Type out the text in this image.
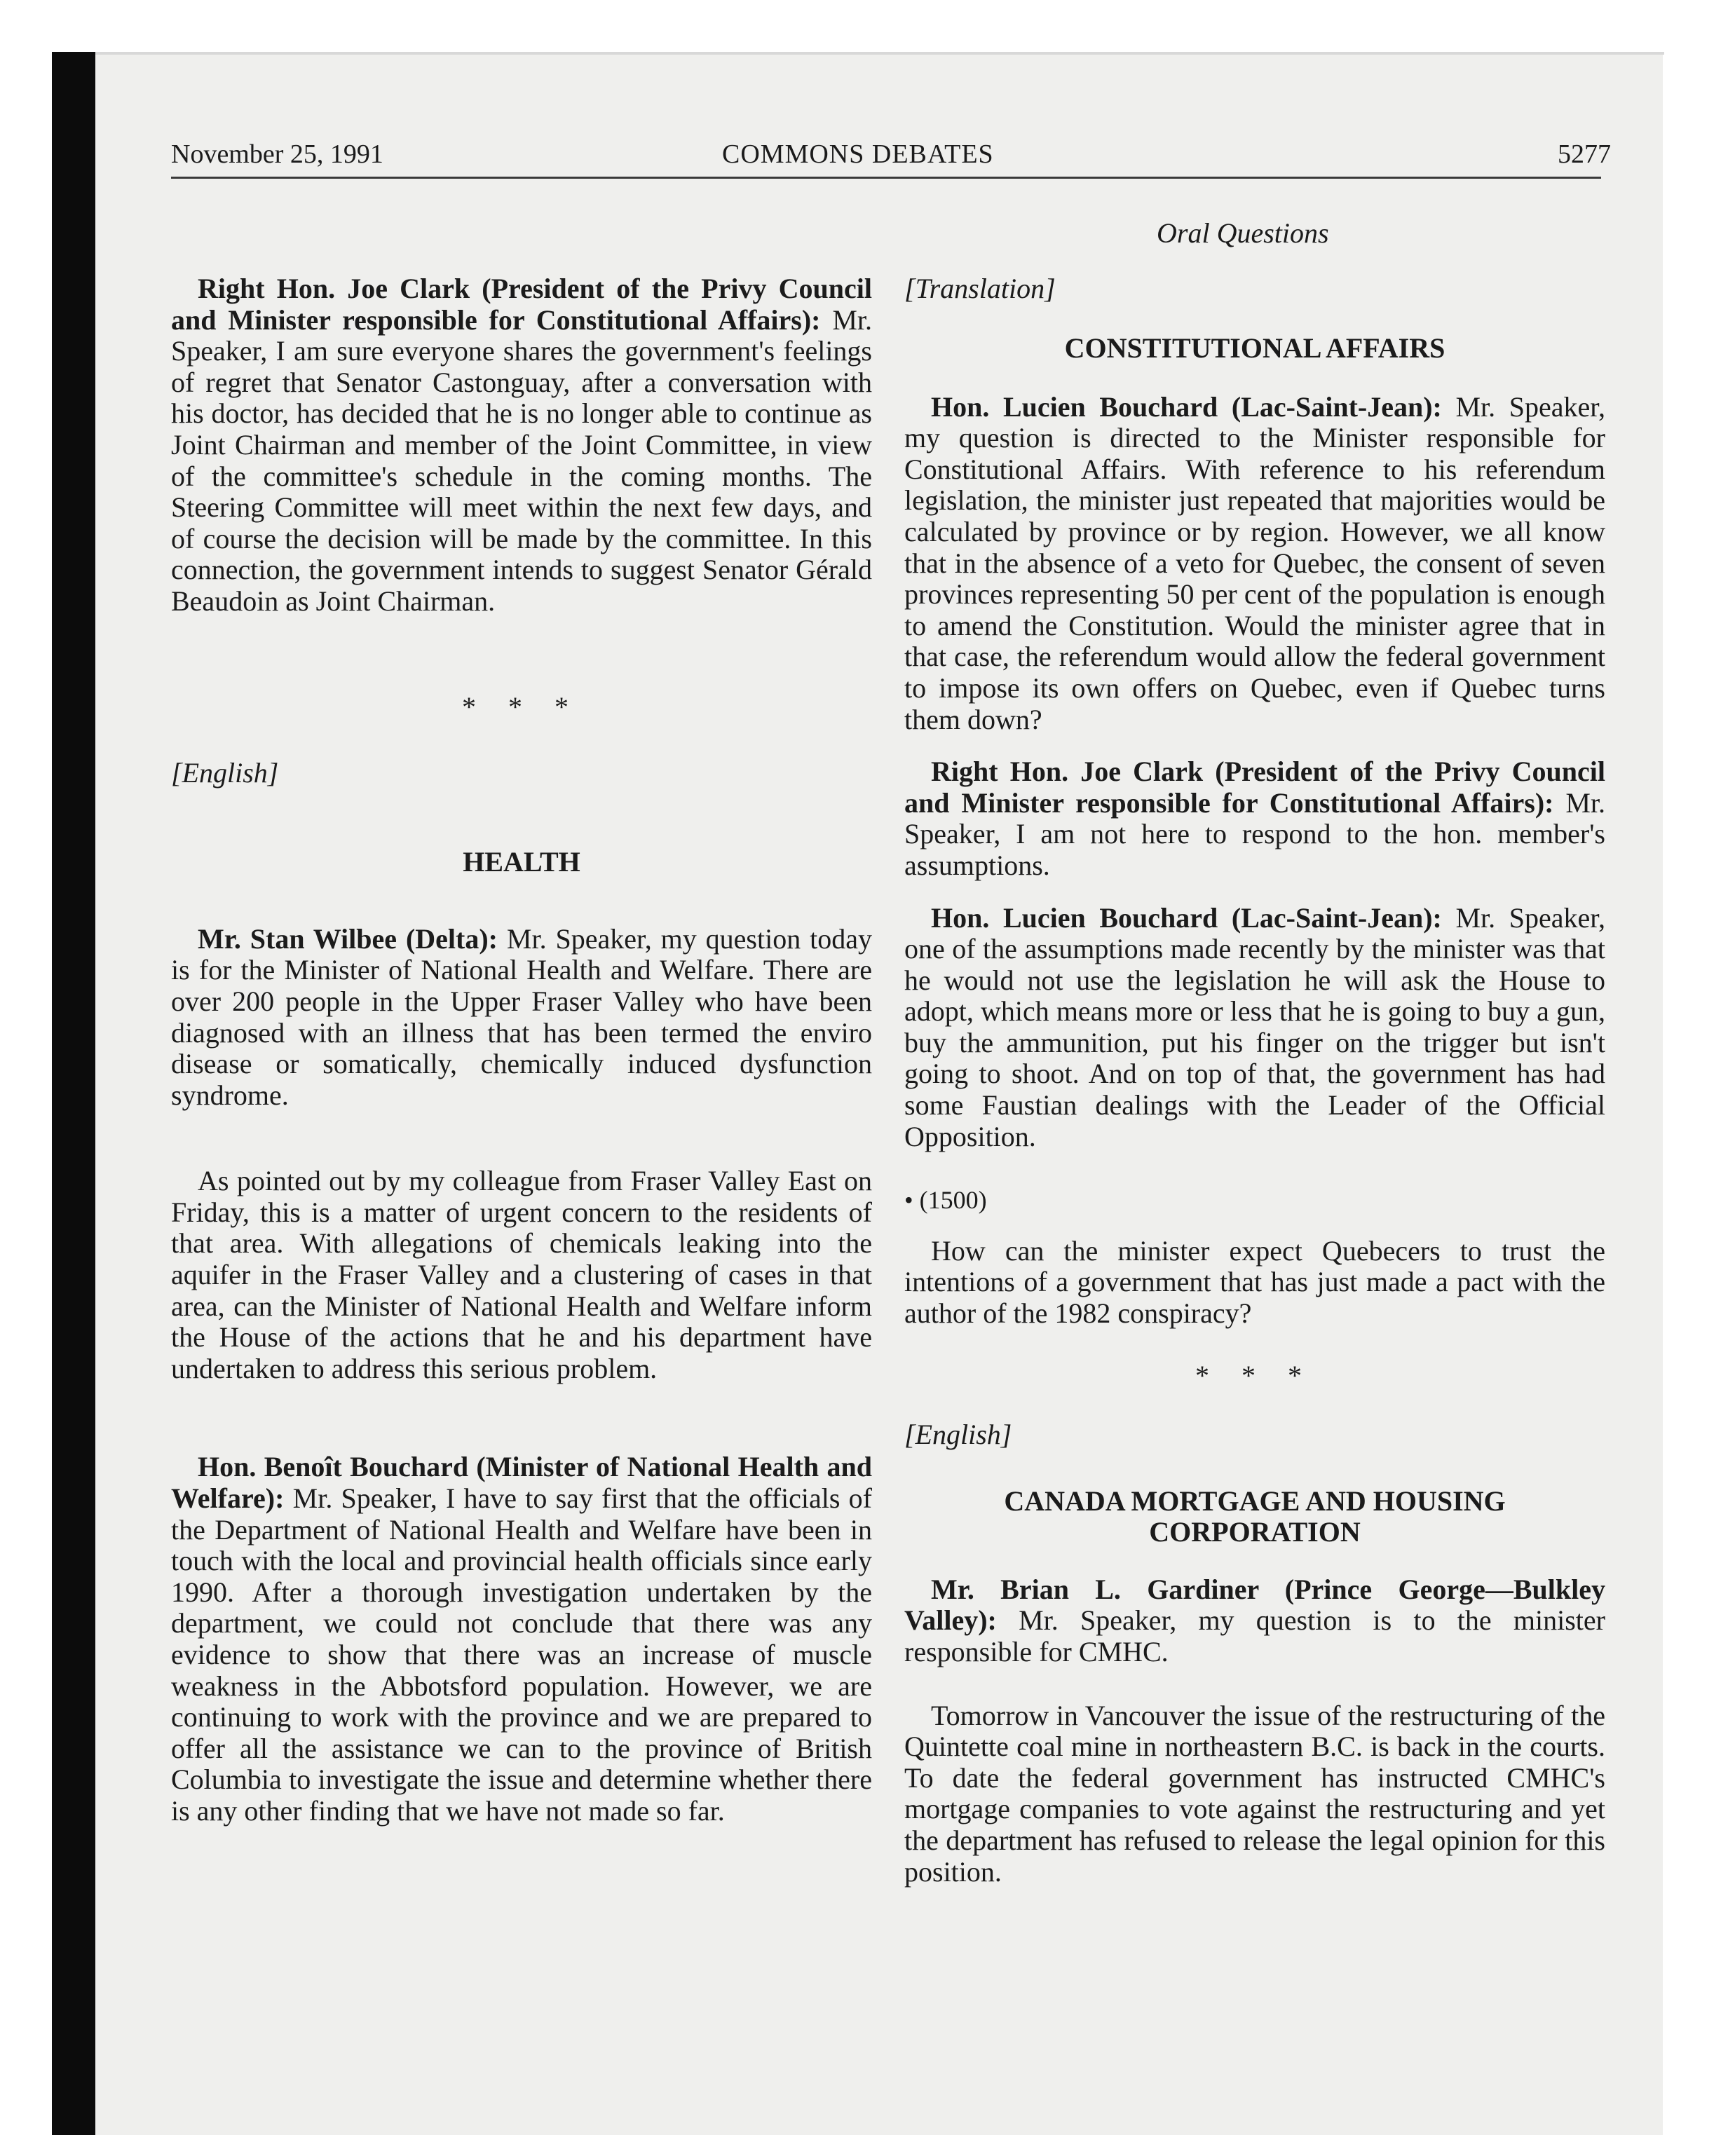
November 25, 1991	COMMONS DEBATES	5277
Oral Questions

Right Hon. Joe Clark (President of the Privy Council and Minister responsible for Constitutional Affairs): Mr. Speaker, I am sure everyone shares the government's feelings of regret that Senator Castonguay, after a conversation with his doctor, has decided that he is no longer able to continue as Joint Chairman and member of the Joint Committee, in view of the committee's schedule in the coming months. The Steering Committee will meet within the next few days, and of course the decision will be made by the committee. In this connection, the government intends to suggest Senator Gérald Beaudoin as Joint Chairman.

* * *

[English]

HEALTH

Mr. Stan Wilbee (Delta): Mr. Speaker, my question today is for the Minister of National Health and Welfare. There are over 200 people in the Upper Fraser Valley who have been diagnosed with an illness that has been termed the enviro disease or somatically, chemically induced dysfunction syndrome.

As pointed out by my colleague from Fraser Valley East on Friday, this is a matter of urgent concern to the residents of that area. With allegations of chemicals leaking into the aquifer in the Fraser Valley and a clustering of cases in that area, can the Minister of National Health and Welfare inform the House of the actions that he and his department have undertaken to address this serious problem.

Hon. Benoît Bouchard (Minister of National Health and Welfare): Mr. Speaker, I have to say first that the officials of the Department of National Health and Welfare have been in touch with the local and provincial health officials since early 1990. After a thorough investigation undertaken by the department, we could not conclude that there was any evidence to show that there was an increase of muscle weakness in the Abbotsford population. However, we are continuing to work with the province and we are prepared to offer all the assistance we can to the province of British Columbia to investigate the issue and determine whether there is any other finding that we have not made so far.

[Translation]

CONSTITUTIONAL AFFAIRS

Hon. Lucien Bouchard (Lac-Saint-Jean): Mr. Speaker, my question is directed to the Minister responsible for Constitutional Affairs. With reference to his referendum legislation, the minister just repeated that majorities would be calculated by province or by region. However, we all know that in the absence of a veto for Quebec, the consent of seven provinces representing 50 per cent of the population is enough to amend the Constitution. Would the minister agree that in that case, the referendum would allow the federal government to impose its own offers on Quebec, even if Quebec turns them down?

Right Hon. Joe Clark (President of the Privy Council and Minister responsible for Constitutional Affairs): Mr. Speaker, I am not here to respond to the hon. member's assumptions.

Hon. Lucien Bouchard (Lac-Saint-Jean): Mr. Speaker, one of the assumptions made recently by the minister was that he would not use the legislation he will ask the House to adopt, which means more or less that he is going to buy a gun, buy the ammunition, put his finger on the trigger but isn't going to shoot. And on top of that, the government has had some Faustian dealings with the Leader of the Official Opposition.

• (1500)

How can the minister expect Quebecers to trust the intentions of a government that has just made a pact with the author of the 1982 conspiracy?

* * *

[English]

CANADA MORTGAGE AND HOUSING
CORPORATION

Mr. Brian L. Gardiner (Prince George—Bulkley Valley): Mr. Speaker, my question is to the minister responsible for CMHC.

Tomorrow in Vancouver the issue of the restructuring of the Quintette coal mine in northeastern B.C. is back in the courts. To date the federal government has instructed CMHC's mortgage companies to vote against the restructuring and yet the department has refused to release the legal opinion for this position.
